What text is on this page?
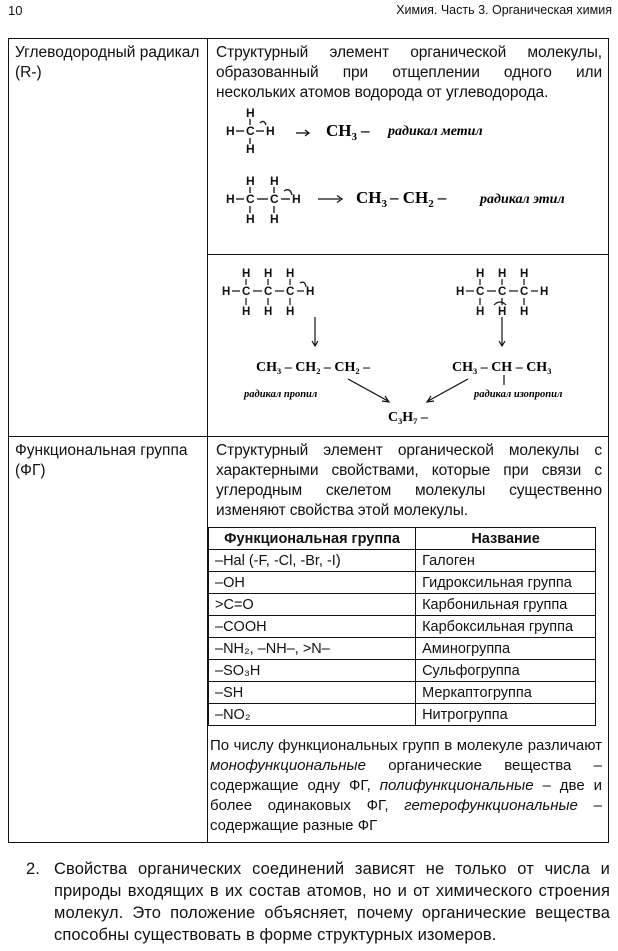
10	Химия. Часть 3. Органическая химия
Углеводородный радикал (R-)

Структурный элемент органической молекулы, образованный при отщеплении одного или нескольких атомов водорода от углеводорода.
H
H C H
H
$CH_3$ – радикал метил
H H
H C C H
H H
$CH_3 - CH_2$ – радикал этил

H H H
H C C C H
H H H
H H H
H C C C H
H H H
CH₃ – CH₂ – CH₂ –	CH₃ – CH – CH₃
радикал пропил	радикал изопропил
C₃H₇ –

Функциональная группа (ФГ)

Структурный элемент органической молекулы с характерными свойствами, которые при связи с углеродным скелетом молекулы существенно изменяют свойства этой молекулы.
Функциональная группа	Название
–Hal (-F, -Cl, -Br, -I)	Галоген
–OH	Гидроксильная группа
>C=O	Карбонильная группа
–COOH	Карбоксильная группа
–NH₂, –NH–, >N–	Аминогруппа
–SO₃H	Сульфогруппа
–SH	Меркаптогруппа
–NO₂	Нитрогруппа
По числу функциональных групп в молекуле различают монофункциональные органические вещества – содержащие одну ФГ, полифункциональные – две и более одинаковых ФГ, гетерофункциональные – содержащие разные ФГ
2. Свойства органических соединений зависят не только от числа и природы входящих в их состав атомов, но и от химического строения молекул. Это положение объясняет, почему органические вещества способны существовать в форме структурных изомеров.
